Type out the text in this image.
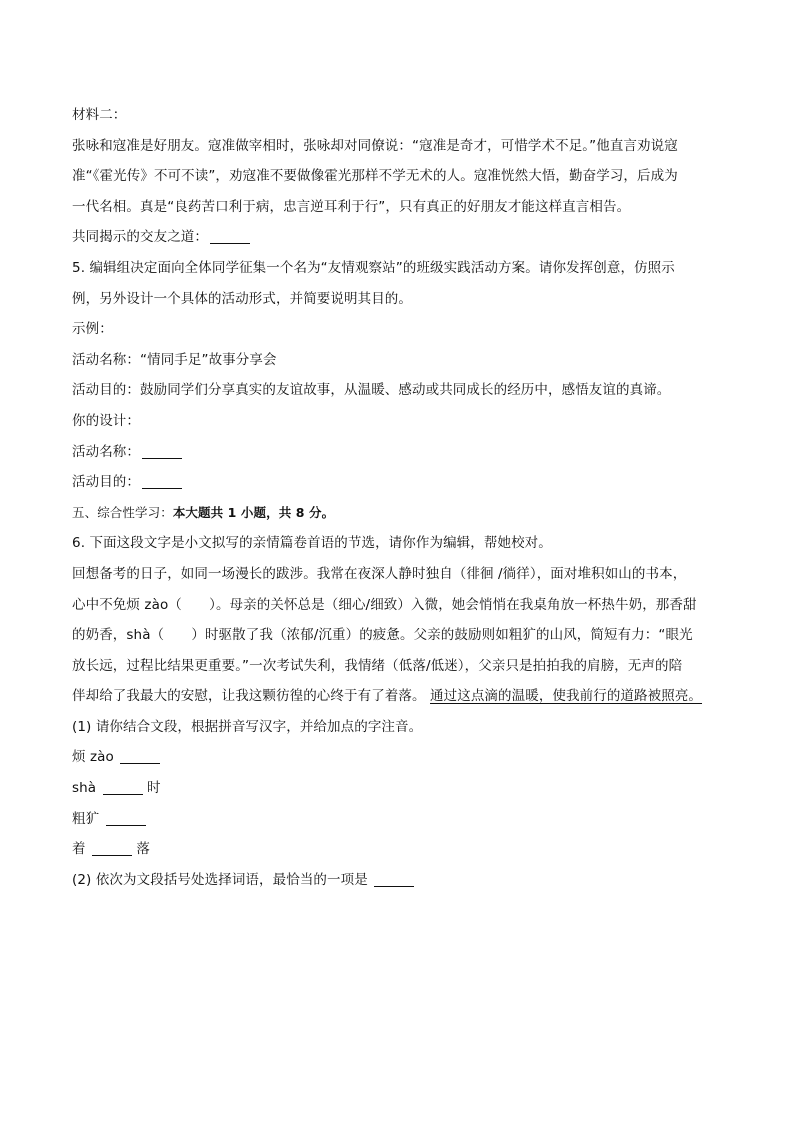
材料二：
张咏和寇准是好朋友。寇准做宰相时，张咏却对同僚说：“寇准是奇才，可惜学术不足。”他直言劝说寇
准“《霍光传》不可不读”，劝寇准不要做像霍光那样不学无术的人。寇准恍然大悟，勤奋学习，后成为
一代名相。真是“良药苦口利于病，忠言逆耳利于行”，只有真正的好朋友才能这样直言相告。
共同揭示的交友之道：
5. 编辑组决定面向全体同学征集一个名为“友情观察站”的班级实践活动方案。请你发挥创意，仿照示
例，另外设计一个具体的活动形式，并简要说明其目的。
示例：
活动名称：“情同手足”故事分享会
活动目的：鼓励同学们分享真实的友谊故事，从温暖、感动或共同成长的经历中，感悟友谊的真谛。
你的设计：
活动名称：
活动目的：
五、综合性学习：本大题共 1 小题，共 8 分。
6. 下面这段文字是小文拟写的亲情篇卷首语的节选，请你作为编辑，帮她校对。
回想备考的日子，如同一场漫长的跋涉。我常在夜深人静时独自（徘徊 /徜徉），面对堆积如山的书本，
心中不免烦 zào（　　）。母亲的关怀总是（细心/细致）入微，她会悄悄在我桌角放一杯热牛奶，那香甜
的奶香，shà（　　）时驱散了我（浓郁/沉重）的疲惫。父亲的鼓励则如粗犷的山风，简短有力：“眼光
放长远，过程比结果更重要。”一次考试失利，我情绪（低落/低迷），父亲只是拍拍我的肩膀，无声的陪
伴却给了我最大的安慰，让我这颗彷徨的心终于有了着落。 通过这点滴的温暖，使我前行的道路被照亮。
(1) 请你结合文段，根据拼音写汉字，并给加点的字注音。
烦 zào
shà	时
粗犷
着	落
(2) 依次为文段括号处选择词语，最恰当的一项是
